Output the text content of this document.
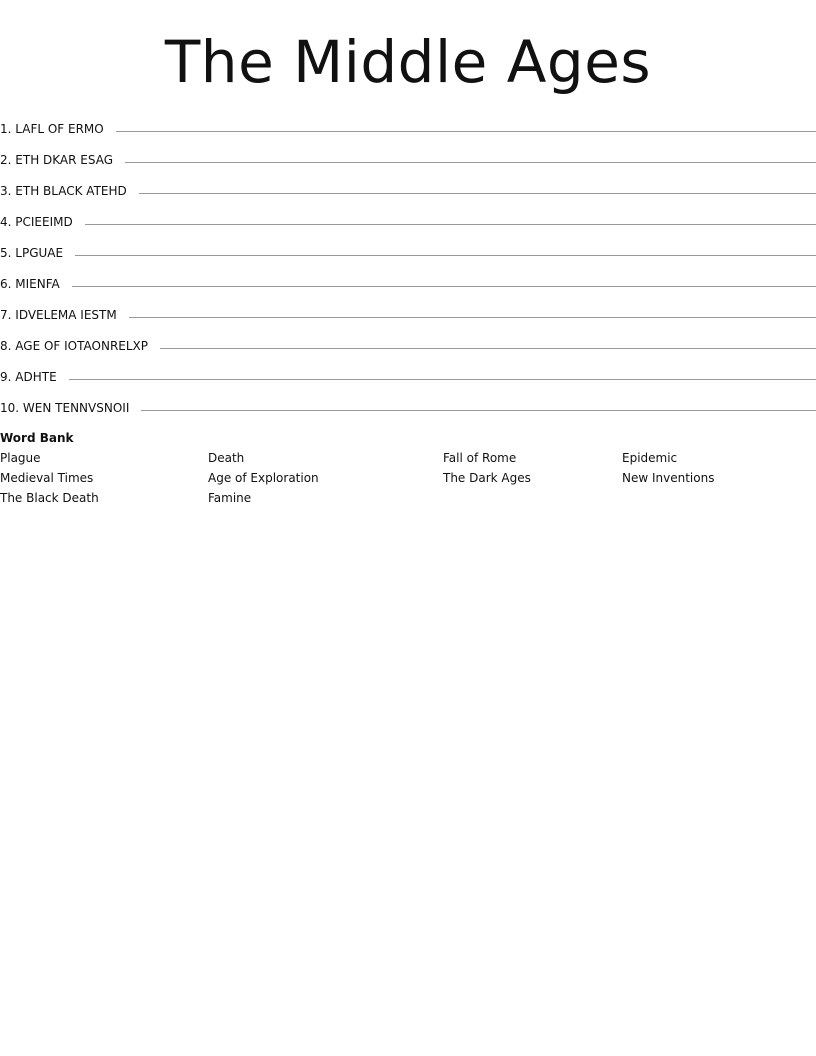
The Middle Ages
1. LAFL OF ERMO
2. ETH DKAR ESAG
3. ETH BLACK ATEHD
4. PCIEEIMD
5. LPGUAE
6. MIENFA
7. IDVELEMA IESTM
8. AGE OF IOTAONRELXP
9. ADHTE
10. WEN TENNVSNOII
Word Bank
Plague	Death	Fall of Rome	Epidemic
Medieval Times	Age of Exploration	The Dark Ages	New Inventions
The Black Death	Famine
